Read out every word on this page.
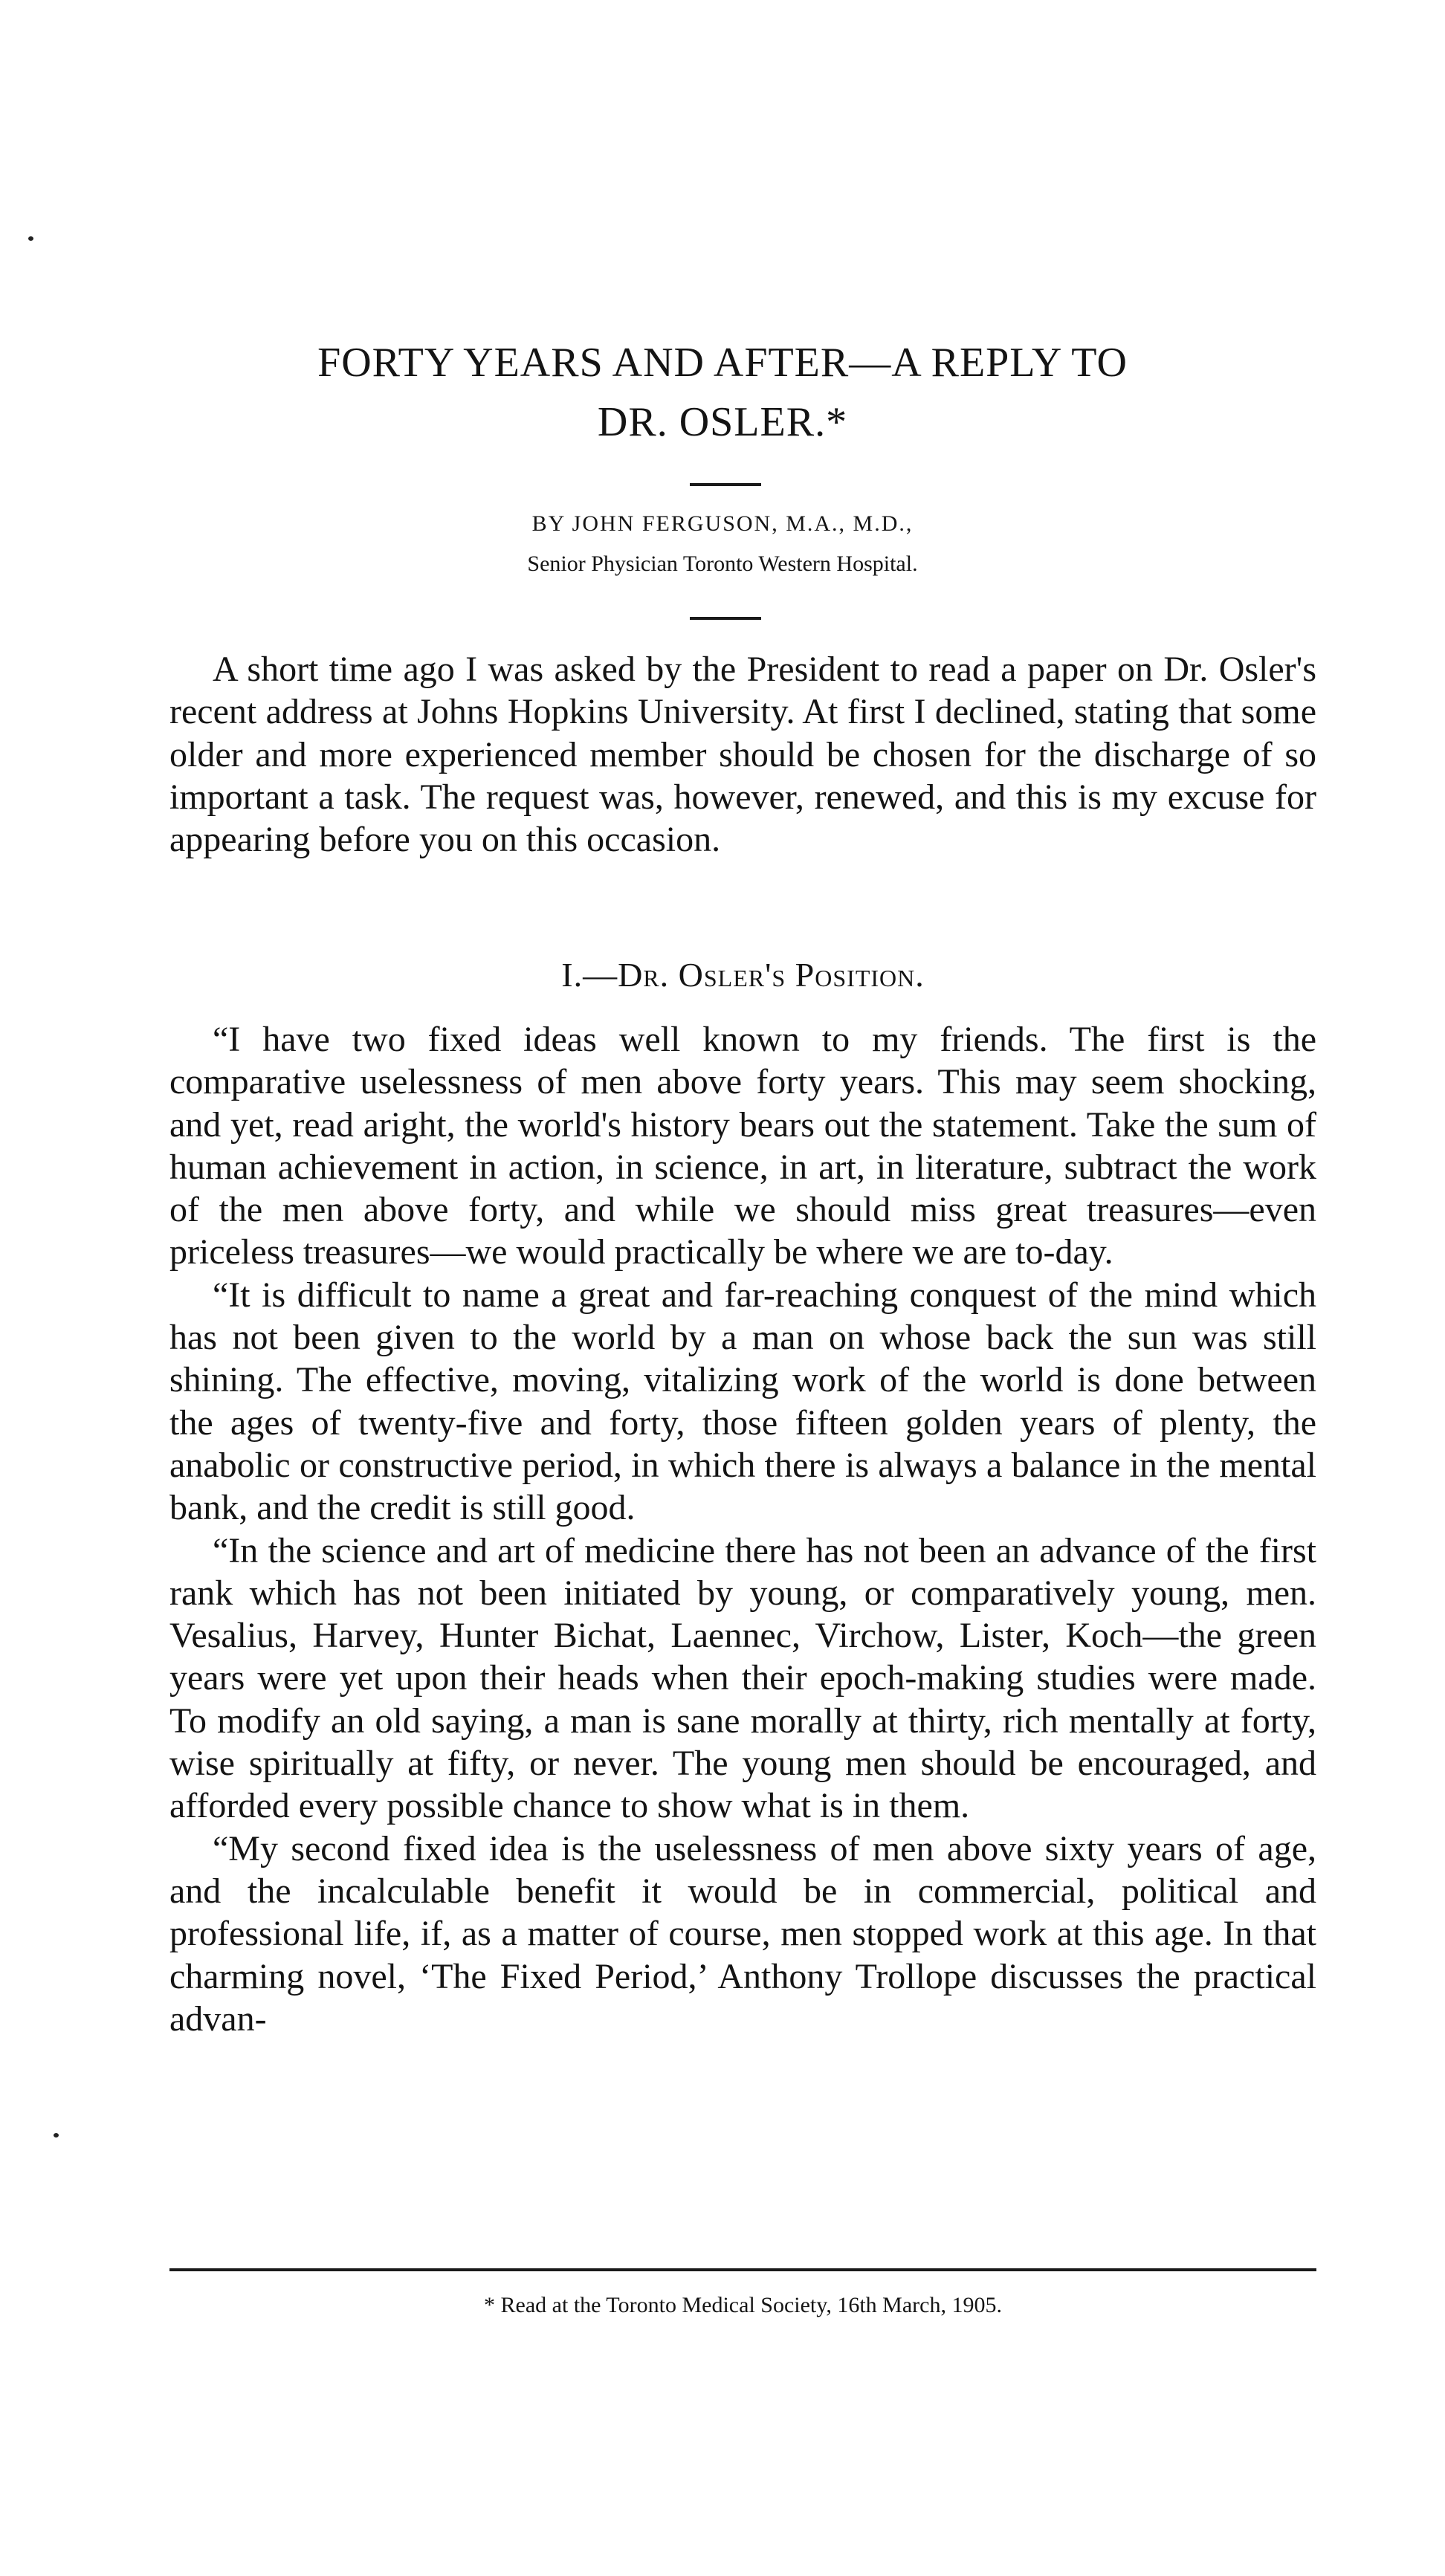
FORTY YEARS AND AFTER—A REPLY TO
DR. OSLER.*

BY JOHN FERGUSON, M.A., M.D.,

Senior Physician Toronto Western Hospital.

A short time ago I was asked by the President to read a paper on Dr. Osler's recent address at Johns Hopkins University. At first I declined, stating that some older and more experienced member should be chosen for the discharge of so important a task. The request was, however, renewed, and this is my excuse for appearing before you on this occasion.

I.—Dr. Osler's Position.

“I have two fixed ideas well known to my friends. The first is the comparative uselessness of men above forty years. This may seem shocking, and yet, read aright, the world's history bears out the statement. Take the sum of human achievement in action, in science, in art, in literature, subtract the work of the men above forty, and while we should miss great treasures—even priceless treasures—we would practically be where we are to-day.

“It is difficult to name a great and far-reaching conquest of the mind which has not been given to the world by a man on whose back the sun was still shining. The effective, moving, vitalizing work of the world is done between the ages of twenty-five and forty, those fifteen golden years of plenty, the anabolic or constructive period, in which there is always a balance in the mental bank, and the credit is still good.

“In the science and art of medicine there has not been an advance of the first rank which has not been initiated by young, or comparatively young, men. Vesalius, Harvey, Hunter Bichat, Laennec, Virchow, Lister, Koch—the green years were yet upon their heads when their epoch-making studies were made. To modify an old saying, a man is sane morally at thirty, rich mentally at forty, wise spiritually at fifty, or never. The young men should be encouraged, and afforded every possible chance to show what is in them.

“My second fixed idea is the uselessness of men above sixty years of age, and the incalculable benefit it would be in commercial, political and professional life, if, as a matter of course, men stopped work at this age. In that charming novel, ‘The Fixed Period,’ Anthony Trollope discusses the practical advan-

* Read at the Toronto Medical Society, 16th March, 1905.
